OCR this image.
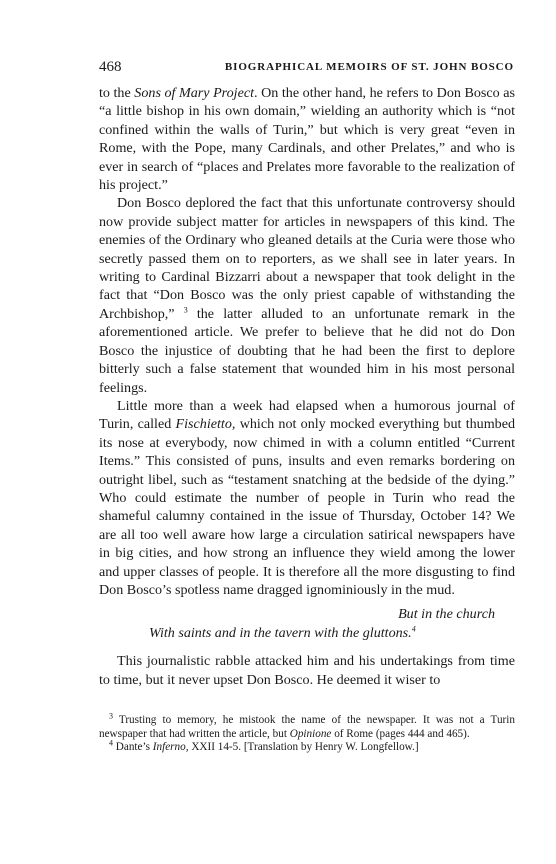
468	BIOGRAPHICAL MEMOIRS OF ST. JOHN BOSCO

to the Sons of Mary Project. On the other hand, he refers to Don Bosco as “a little bishop in his own domain,” wielding an authority which is “not confined within the walls of Turin,” but which is very great “even in Rome, with the Pope, many Cardinals, and other Prelates,” and who is ever in search of “places and Prelates more favorable to the realization of his project.”

Don Bosco deplored the fact that this unfortunate controversy should now provide subject matter for articles in newspapers of this kind. The enemies of the Ordinary who gleaned details at the Curia were those who secretly passed them on to reporters, as we shall see in later years. In writing to Cardinal Bizzarri about a newspaper that took delight in the fact that “Don Bosco was the only priest capable of withstanding the Archbishop,” $^3$ the latter alluded to an unfortunate remark in the aforementioned article. We prefer to believe that he did not do Don Bosco the injustice of doubting that he had been the first to deplore bitterly such a false statement that wounded him in his most personal feelings.

Little more than a week had elapsed when a humorous journal of Turin, called Fischietto, which not only mocked everything but thumbed its nose at everybody, now chimed in with a column entitled “Current Items.” This consisted of puns, insults and even remarks bordering on outright libel, such as “testament snatching at the bedside of the dying.” Who could estimate the number of people in Turin who read the shameful calumny contained in the issue of Thursday, October 14? We are all too well aware how large a circulation satirical newspapers have in big cities, and how strong an influence they wield among the lower and upper classes of people. It is therefore all the more disgusting to find Don Bosco’s spotless name dragged ignominiously in the mud.

But in the church

With saints and in the tavern with the gluttons.$^4$

This journalistic rabble attacked him and his undertakings from time to time, but it never upset Don Bosco. He deemed it wiser to

$^3$ Trusting to memory, he mistook the name of the newspaper. It was not a Turin newspaper that had written the article, but Opinione of Rome (pages 444 and 465).

$^4$ Dante’s Inferno, XXII 14-5. [Translation by Henry W. Longfellow.]
